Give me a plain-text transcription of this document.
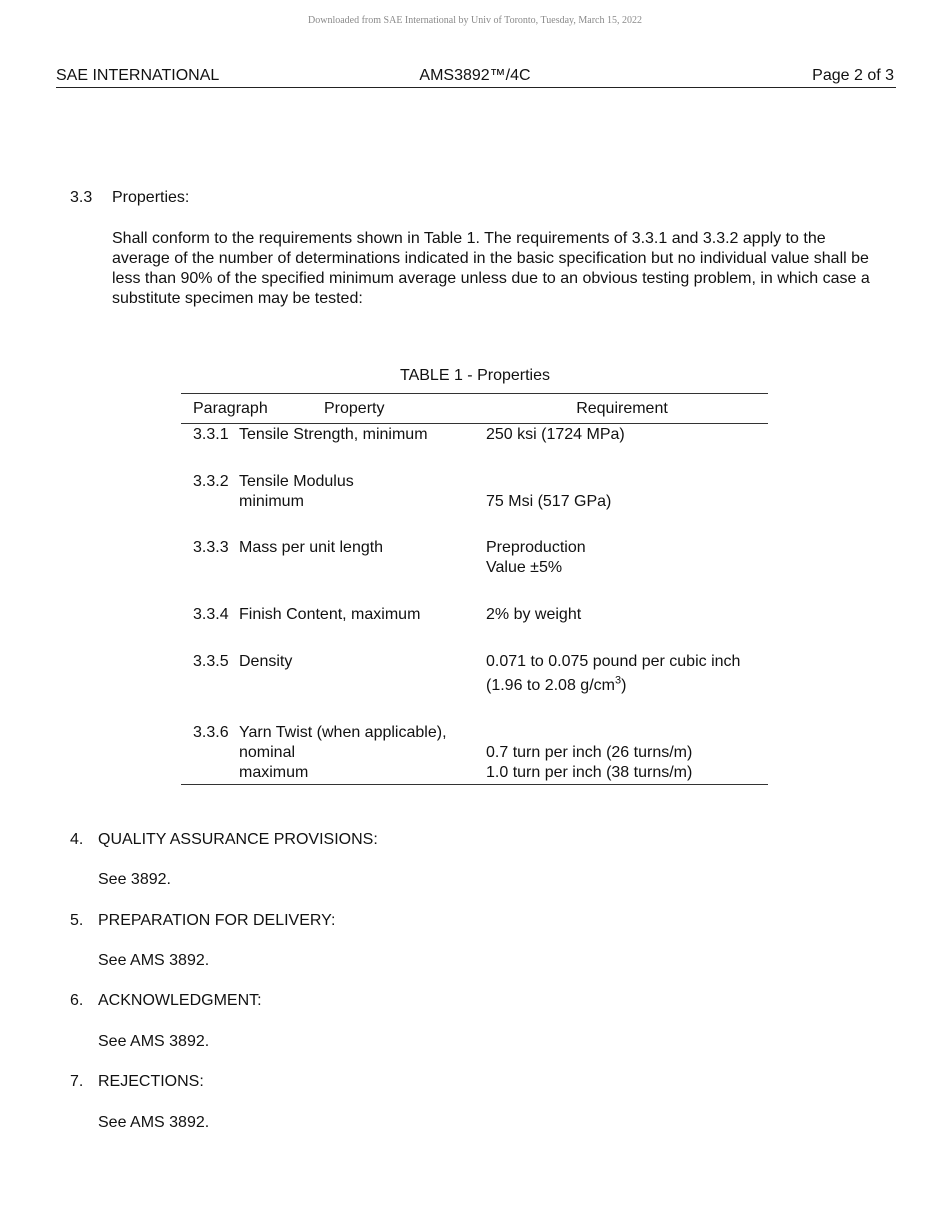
Downloaded from SAE International by Univ of Toronto, Tuesday, March 15, 2022
SAE INTERNATIONAL	AMS3892™/4C	Page 2 of 3
3.3 Properties:
Shall conform to the requirements shown in Table 1. The requirements of 3.3.1 and 3.3.2 apply to the average of the number of determinations indicated in the basic specification but no individual value shall be less than 90% of the specified minimum average unless due to an obvious testing problem, in which case a substitute specimen may be tested:
TABLE 1 - Properties
Paragraph	Property	Requirement
3.3.1 Tensile Strength, minimum	250 ksi (1724 MPa)
3.3.2 Tensile Modulus
minimum	75 Msi (517 GPa)
3.3.3 Mass per unit length	Preproduction
Value ±5%
3.3.4 Finish Content, maximum	2% by weight
3.3.5 Density	0.071 to 0.075 pound per cubic inch
(1.96 to 2.08 $g/cm^3$)
3.3.6 Yarn Twist (when applicable),
nominal	0.7 turn per inch (26 turns/m)
maximum	1.0 turn per inch (38 turns/m)
4. QUALITY ASSURANCE PROVISIONS:
See 3892.
5. PREPARATION FOR DELIVERY:
See AMS 3892.
6. ACKNOWLEDGMENT:
See AMS 3892.
7. REJECTIONS:
See AMS 3892.
